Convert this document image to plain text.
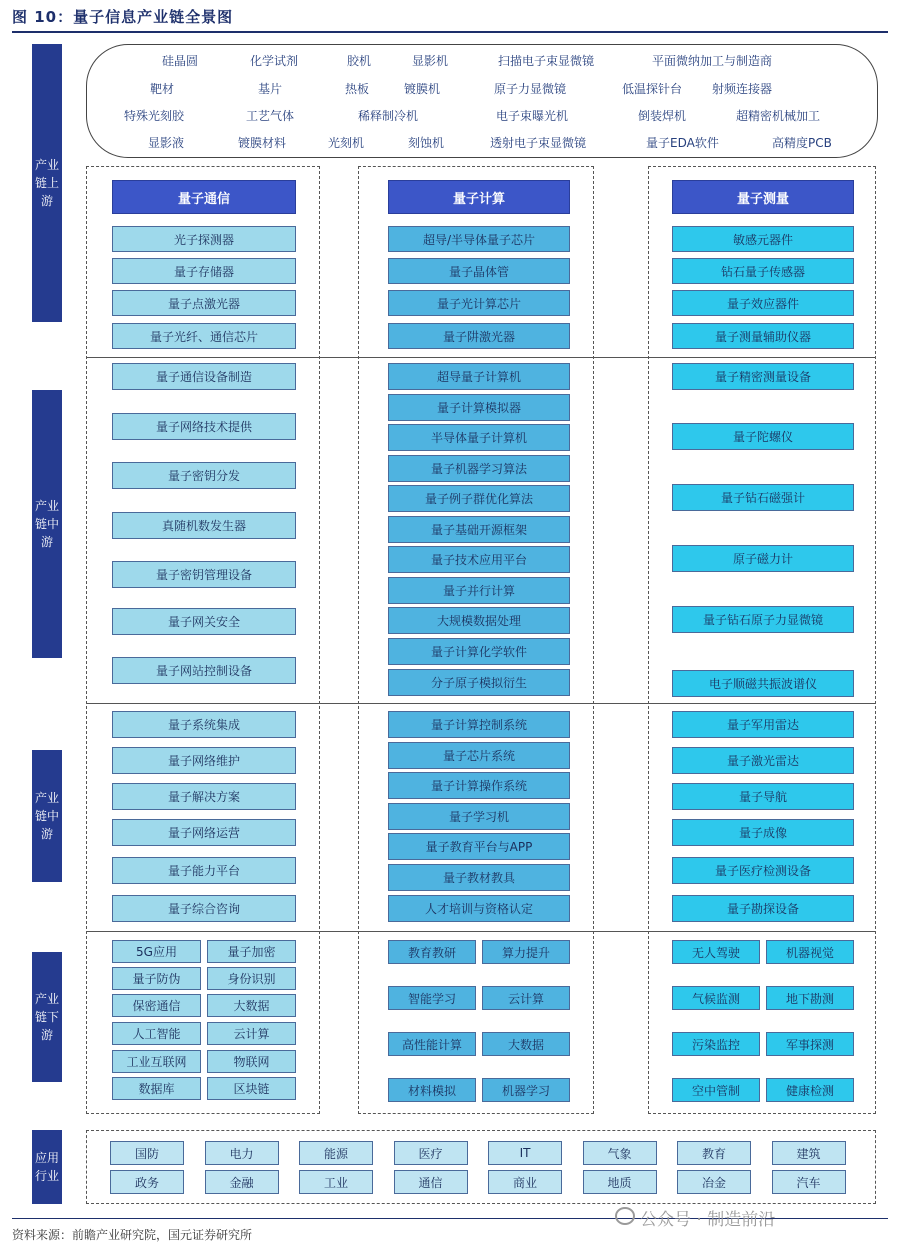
图 10：量子信息产业链全景图
产业链上游
产业链中游
产业链中游
产业链下游
应用行业
硅晶圆	化学试剂	胶机	显影机	扫描电子束显微镜	平面微纳加工与制造商
靶材	基片	热板	镀膜机	原子力显微镜	低温探针台 射频连接器
特殊光刻胶	工艺气体	稀释制冷机	电子束曝光机	倒装焊机	超精密机械加工
显影液	镀膜材料	光刻机	刻蚀机	透射电子束显微镜	量子EDA软件	高精度PCB
量子通信
光子探测器
量子存储器
量子点激光器
量子光纤、通信芯片
量子通信设备制造
量子网络技术提供
量子密钥分发
真随机数发生器
量子密钥管理设备
量子网关安全
量子网站控制设备
量子系统集成
量子网络维护
量子解决方案
量子网络运营
量子能力平台
量子综合咨询
5G应用	量子加密
量子防伪	身份识别
保密通信	大数据
人工智能	云计算
工业互联网	物联网
数据库	区块链
量子计算
超导/半导体量子芯片
量子晶体管
量子光计算芯片
量子阱激光器
超导量子计算机
量子计算模拟器
半导体量子计算机
量子机器学习算法
量子例子群优化算法
量子基础开源框架
量子技术应用平台
量子并行计算
大规模数据处理
量子计算化学软件
分子原子模拟衍生
量子计算控制系统
量子芯片系统
量子计算操作系统
量子学习机
量子教育平台与APP
量子教材教具
人才培训与资格认定
教育教研	算力提升
智能学习	云计算
高性能计算	大数据
材料模拟	机器学习
量子测量
敏感元器件
钻石量子传感器
量子效应器件
量子测量辅助仪器
量子精密测量设备
量子陀螺仪
量子钻石磁强计
原子磁力计
量子钻石原子力显微镜
电子顺磁共振波谱仪
量子军用雷达
量子激光雷达
量子导航
量子成像
量子医疗检测设备
量子勘探设备
无人驾驶	机器视觉
气候监测	地下勘测
污染监控	军事探测
空中管制	健康检测
国防	电力	能源	医疗	IT	气象	教育	建筑
政务	金融	工业	通信	商业	地质	冶金	汽车
资料来源：前瞻产业研究院，国元证券研究所
公众号 · 制造前沿
